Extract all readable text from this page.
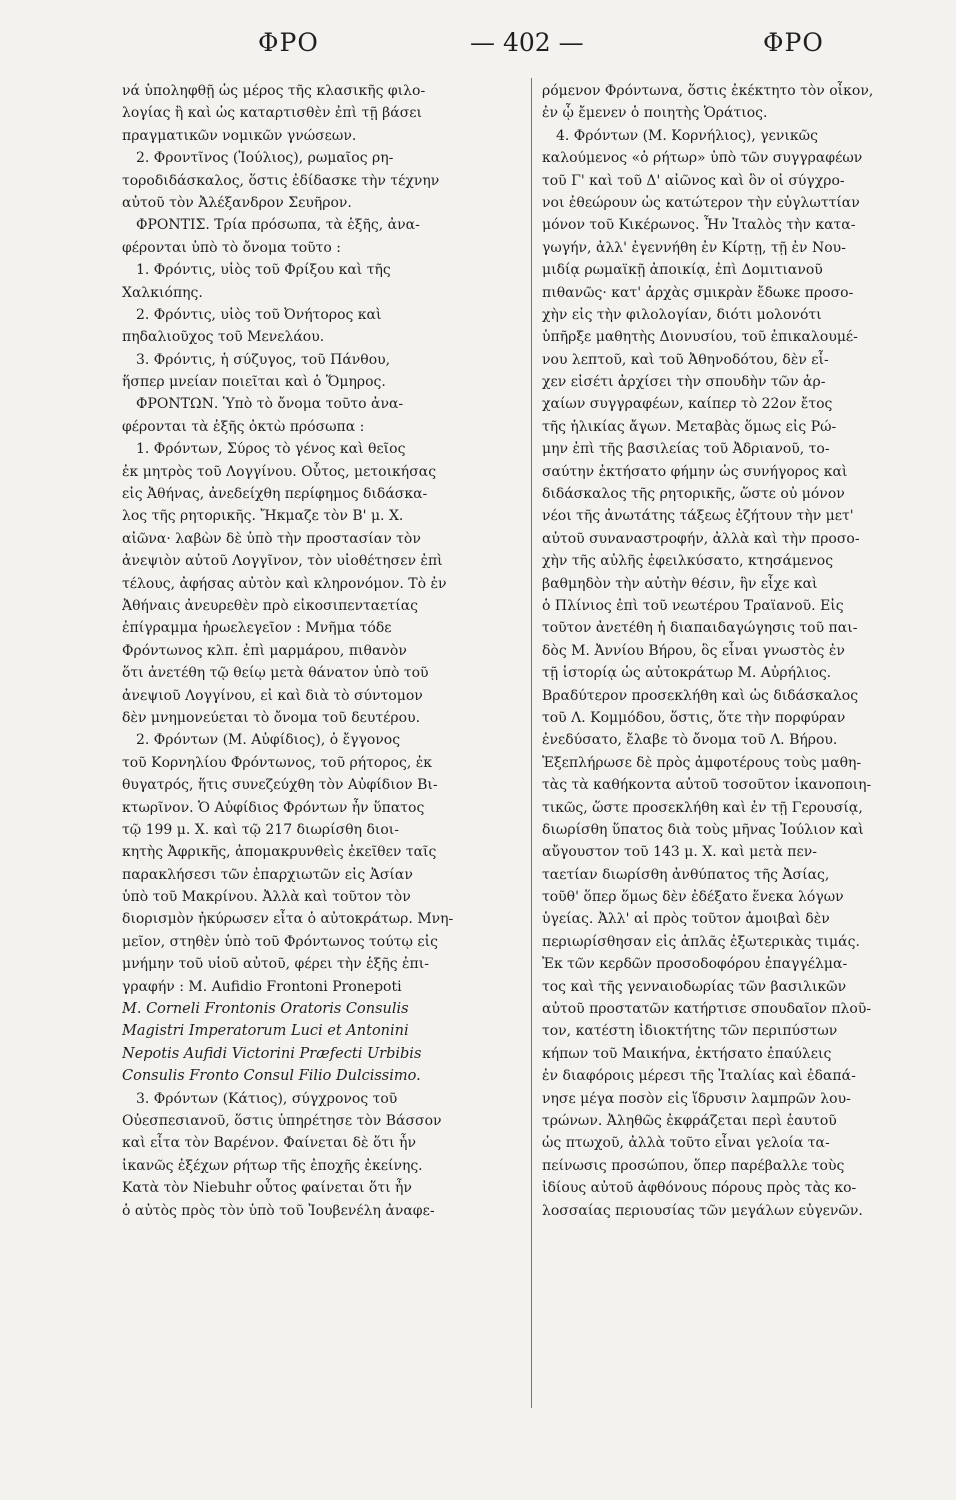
ΦΡΟ	— 402 —	ΦΡΟ
νά ὑποληφθῇ ὡς μέρος τῆς κλασικῆς φιλο-
λογίας ἢ καὶ ὡς καταρτισθὲν ἐπὶ τῇ βάσει
πραγματικῶν νομικῶν γνώσεων.
2. Φροντῖνος (Ἰούλιος), ρωμαῖος ρη-
τοροδιδάσκαλος, ὅστις ἐδίδασκε τὴν τέχνην
αὐτοῦ τὸν Ἀλέξανδρον Σευῆρον.
ΦΡΟΝΤΙΣ. Τρία πρόσωπα, τὰ ἑξῆς, ἀνα-
φέρονται ὑπὸ τὸ ὄνομα τοῦτο :
1. Φρόντις, υἱὸς τοῦ Φρίξου καὶ τῆς
Χαλκιόπης.
2. Φρόντις, υἱὸς τοῦ Ὀνήτορος καὶ
πηδαλιοῦχος τοῦ Μενελάου.
3. Φρόντις, ἡ σύζυγος, τοῦ Πάνθου,
ἥσπερ μνείαν ποιεῖται καὶ ὁ Ὅμηρος.
ΦΡΟΝΤΩΝ. Ὑπὸ τὸ ὄνομα τοῦτο ἀνα-
φέρονται τὰ ἑξῆς ὀκτὼ πρόσωπα :
1. Φρόντων, Σύρος τὸ γένος καὶ θεῖος
ἐκ μητρὸς τοῦ Λογγίνου. Οὗτος, μετοικήσας
εἰς Ἀθήνας, ἀνεδείχθη περίφημος διδάσκα-
λος τῆς ρητορικῆς. Ἤκμαζε τὸν Β' μ. Χ.
αἰῶνα· λαβὼν δὲ ὑπὸ τὴν προστασίαν τὸν
ἀνεψιὸν αὐτοῦ Λογγῖνον, τὸν υἱοθέτησεν ἐπὶ
τέλους, ἀφήσας αὐτὸν καὶ κληρονόμον. Τὸ ἐν
Ἀθήναις ἀνευρεθὲν πρὸ εἰκοσιπενταετίας
ἐπίγραμμα ἡρωελεγεῖον : Μνῆμα τόδε
Φρόντωνος κλπ. ἐπὶ μαρμάρου, πιθανὸν
ὅτι ἀνετέθη τῷ θείῳ μετὰ θάνατον ὑπὸ τοῦ
ἀνεψιοῦ Λογγίνου, εἰ καὶ διὰ τὸ σύντομον
δὲν μνημονεύεται τὸ ὄνομα τοῦ δευτέρου.
2. Φρόντων (Μ. Αὐφίδιος), ὁ ἔγγονος
τοῦ Κορνηλίου Φρόντωνος, τοῦ ρήτορος, ἐκ
θυγατρός, ἥτις συνεζεύχθη τὸν Αὐφίδιον Βι-
κτωρῖνον. Ὁ Αὐφίδιος Φρόντων ἦν ὕπατος
τῷ 199 μ. Χ. καὶ τῷ 217 διωρίσθη διοι-
κητὴς Ἀφρικῆς, ἀπομακρυνθεὶς ἐκεῖθεν ταῖς
παρακλήσεσι τῶν ἐπαρχιωτῶν εἰς Ἀσίαν
ὑπὸ τοῦ Μακρίνου. Ἀλλὰ καὶ τοῦτον τὸν
διορισμὸν ἠκύρωσεν εἶτα ὁ αὐτοκράτωρ. Μνη-
μεῖον, στηθὲν ὑπὸ τοῦ Φρόντωνος τούτῳ εἰς
μνήμην τοῦ υἱοῦ αὐτοῦ, φέρει τὴν ἑξῆς ἐπι-
γραφήν : M. Aufidio Frontoni Pronepoti
M. Corneli Frontonis Oratoris Consulis
Magistri Imperatorum Luci et Antonini
Nepotis Aufidi Victorini Præfecti Urbibis
Consulis Fronto Consul Filio Dulcissimo.
3. Φρόντων (Κάτιος), σύγχρονος τοῦ
Οὐεσπεσιανοῦ, ὅστις ὑπηρέτησε τὸν Βάσσον
καὶ εἶτα τὸν Βαρένον. Φαίνεται δὲ ὅτι ἦν
ἱκανῶς ἐξέχων ρήτωρ τῆς ἐποχῆς ἐκείνης.
Κατὰ τὸν Niebuhr οὗτος φαίνεται ὅτι ἦν
ὁ αὐτὸς πρὸς τὸν ὑπὸ τοῦ Ἰουβενέλη ἀναφε-
ρόμενον Φρόντωνα, ὅστις ἐκέκτητο τὸν οἶκον,
ἐν ᾧ ἔμενεν ὁ ποιητὴς Ὁράτιος.
4. Φρόντων (Μ. Κορνήλιος), γενικῶς
καλούμενος «ὁ ρήτωρ» ὑπὸ τῶν συγγραφέων
τοῦ Γ' καὶ τοῦ Δ' αἰῶνος καὶ ὃν οἱ σύγχρο-
νοι ἐθεώρουν ὡς κατώτερον τὴν εὐγλωττίαν
μόνον τοῦ Κικέρωνος. Ἦν Ἰταλὸς τὴν κατα-
γωγήν, ἀλλ' ἐγεννήθη ἐν Κίρτῃ, τῇ ἐν Νου-
μιδίᾳ ρωμαϊκῇ ἀποικίᾳ, ἐπὶ Δομιτιανοῦ
πιθανῶς· κατ' ἀρχὰς σμικρὰν ἔδωκε προσο-
χὴν εἰς τὴν φιλολογίαν, διότι μολονότι
ὑπῆρξε μαθητὴς Διονυσίου, τοῦ ἐπικαλουμέ-
νου λεπτοῦ, καὶ τοῦ Ἀθηνοδότου, δὲν εἶ-
χεν εἰσέτι ἀρχίσει τὴν σπουδὴν τῶν ἀρ-
χαίων συγγραφέων, καίπερ τὸ 22ον ἔτος
τῆς ἡλικίας ἄγων. Μεταβὰς ὅμως εἰς Ρώ-
μην ἐπὶ τῆς βασιλείας τοῦ Ἀδριανοῦ, το-
σαύτην ἐκτήσατο φήμην ὡς συνήγορος καὶ
διδάσκαλος τῆς ρητορικῆς, ὥστε οὐ μόνον
νέοι τῆς ἀνωτάτης τάξεως ἐζήτουν τὴν μετ'
αὐτοῦ συναναστροφήν, ἀλλὰ καὶ τὴν προσο-
χὴν τῆς αὐλῆς ἐφειλκύσατο, κτησάμενος
βαθμηδὸν τὴν αὐτὴν θέσιν, ἣν εἶχε καὶ
ὁ Πλίνιος ἐπὶ τοῦ νεωτέρου Τραϊανοῦ. Εἰς
τοῦτον ἀνετέθη ἡ διαπαιδαγώγησις τοῦ παι-
δὸς Μ. Ἀννίου Βήρου, ὃς εἶναι γνωστὸς ἐν
τῇ ἱστορίᾳ ὡς αὐτοκράτωρ Μ. Αὐρήλιος.
Βραδύτερον προσεκλήθη καὶ ὡς διδάσκαλος
τοῦ Λ. Κομμόδου, ὅστις, ὅτε τὴν πορφύραν
ἐνεδύσατο, ἔλαβε τὸ ὄνομα τοῦ Λ. Βήρου.
Ἐξεπλήρωσε δὲ πρὸς ἀμφοτέρους τοὺς μαθη-
τὰς τὰ καθήκοντα αὐτοῦ τοσοῦτον ἱκανοποιη-
τικῶς, ὥστε προσεκλήθη καὶ ἐν τῇ Γερουσίᾳ,
διωρίσθη ὕπατος διὰ τοὺς μῆνας Ἰούλιον καὶ
αὔγουστον τοῦ 143 μ. Χ. καὶ μετὰ πεν-
ταετίαν διωρίσθη ἀνθύπατος τῆς Ἀσίας,
τοῦθ' ὅπερ ὅμως δὲν ἐδέξατο ἕνεκα λόγων
ὑγείας. Ἀλλ' αἱ πρὸς τοῦτον ἀμοιβαὶ δὲν
περιωρίσθησαν εἰς ἁπλᾶς ἐξωτερικὰς τιμάς.
Ἐκ τῶν κερδῶν προσοδοφόρου ἐπαγγέλμα-
τος καὶ τῆς γενναιοδωρίας τῶν βασιλικῶν
αὐτοῦ προστατῶν κατήρτισε σπουδαῖον πλοῦ-
τον, κατέστη ἰδιοκτήτης τῶν περιπύστων
κήπων τοῦ Μαικήνα, ἐκτήσατο ἐπαύλεις
ἐν διαφόροις μέρεσι τῆς Ἰταλίας καὶ ἐδαπά-
νησε μέγα ποσὸν εἰς ἵδρυσιν λαμπρῶν λου-
τρώνων. Ἀληθῶς ἐκφράζεται περὶ ἑαυτοῦ
ὡς πτωχοῦ, ἀλλὰ τοῦτο εἶναι γελοία τα-
πείνωσις προσώπου, ὅπερ παρέβαλλε τοὺς
ἰδίους αὐτοῦ ἀφθόνους πόρους πρὸς τὰς κο-
λοσσαίας περιουσίας τῶν μεγάλων εὐγενῶν.
